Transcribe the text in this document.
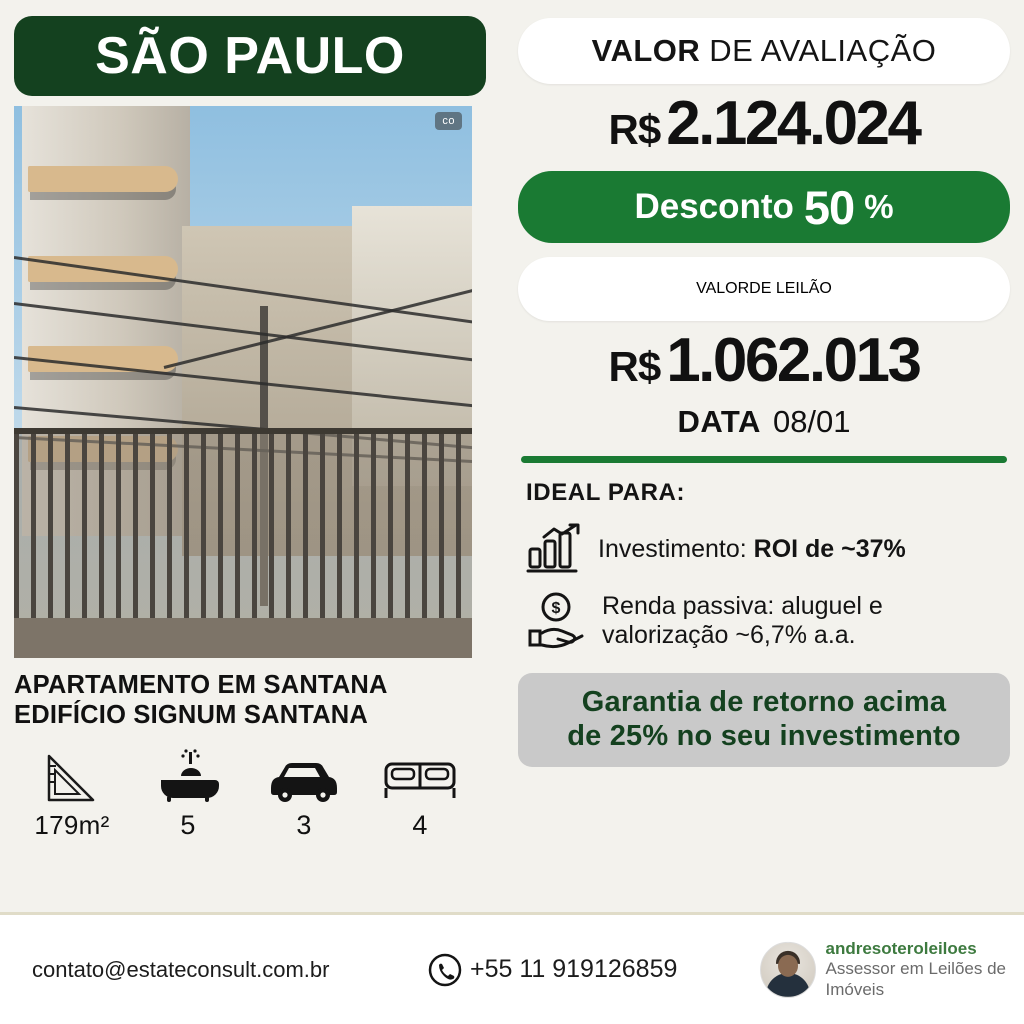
SÃO PAULO
co
APARTAMENTO EM SANTANA
EDIFÍCIO SIGNUM SANTANA
179m²	5	3	4
VALOR DE AVALIAÇÃO
R$ 2.124.024
Desconto 50 %
VALOR DE LEILÃO
R$ 1.062.013
DATA 08/01
IDEAL PARA:
Investimento: ROI de ~37%
$ Renda passiva: aluguel e valorização ~6,7% a.a.
Garantia de retorno acima
de 25% no seu investimento
contato@estateconsult.com.br	+55 11 919126859
andresoteroleiloes
Assessor em Leilões de
Imóveis
